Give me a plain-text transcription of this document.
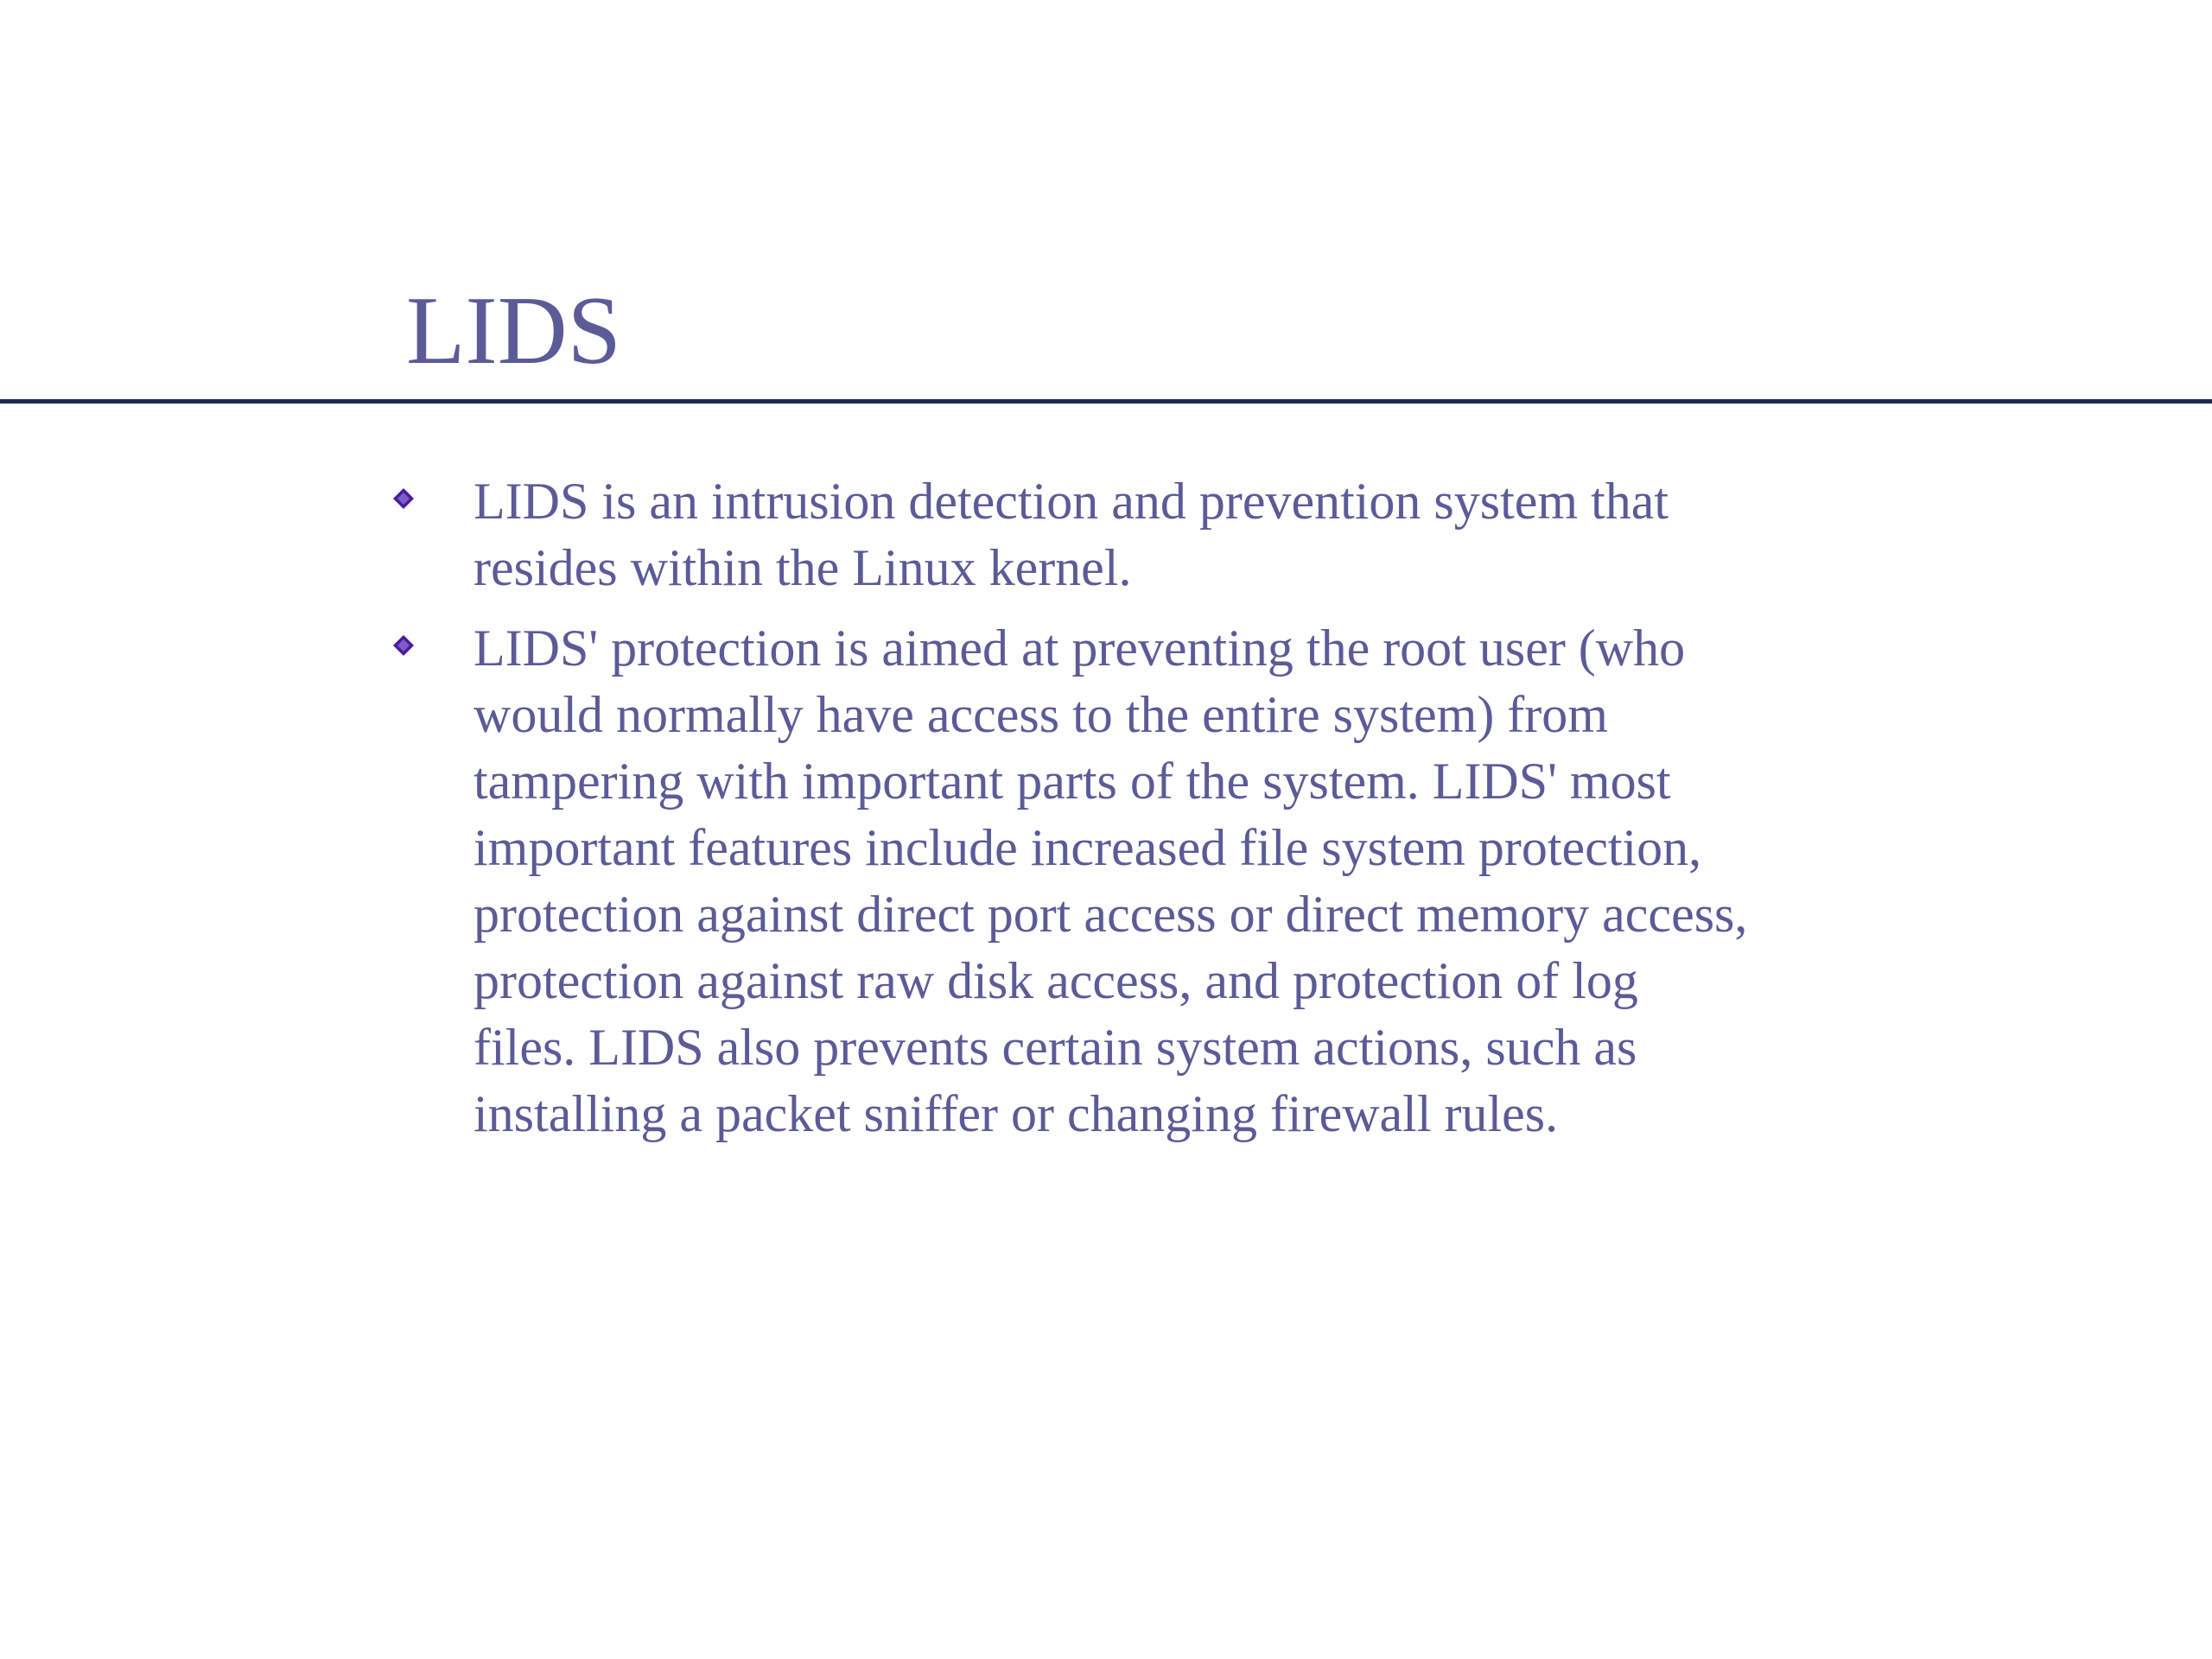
LIDS
LIDS is an intrusion detection and prevention system that
resides within the Linux kernel.
LIDS' protection is aimed at preventing the root user (who
would normally have access to the entire system) from
tampering with important parts of the system. LIDS' most
important features include increased file system protection,
protection against direct port access or direct memory access,
protection against raw disk access, and protection of log
files. LIDS also prevents certain system actions, such as
installing a packet sniffer or changing firewall rules.
